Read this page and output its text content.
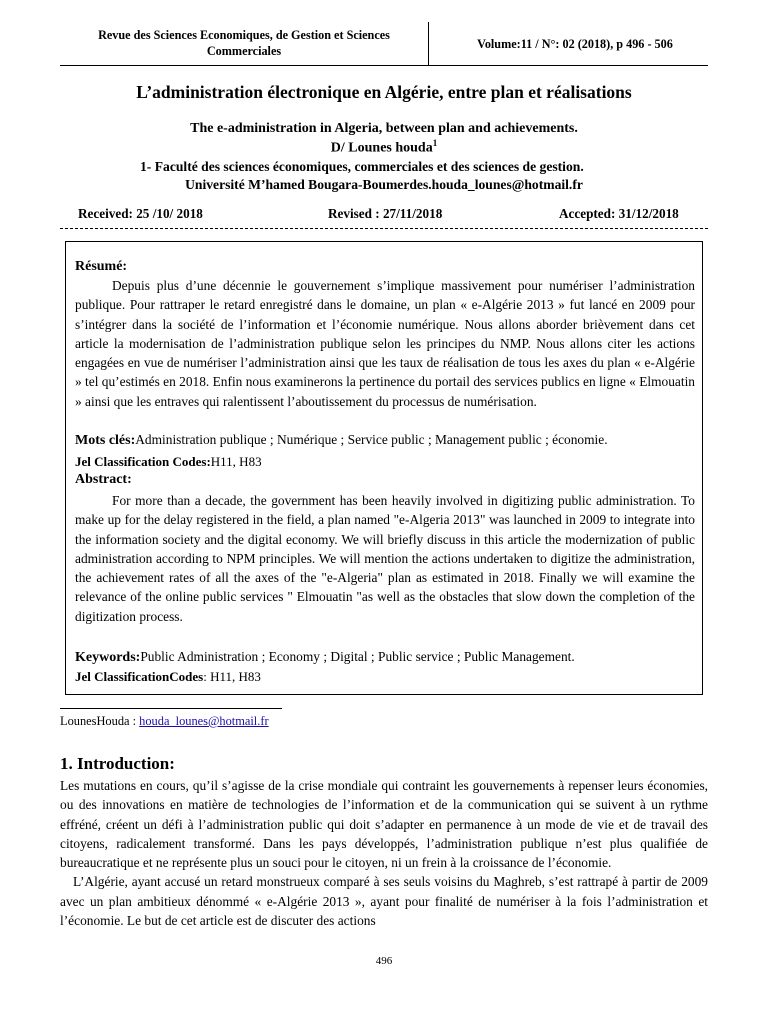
Revue des Sciences Economiques, de Gestion et Sciences Commerciales	Volume:11 / N°: 02 (2018), p 496 - 506
L’administration électronique en Algérie, entre plan et réalisations
The e-administration in Algeria, between plan and achievements.
D/ Lounes houda$^1$
1- Faculté des sciences économiques, commerciales et des sciences de gestion.
Université M’hamed Bougara-Boumerdes.houda_lounes@hotmail.fr
Received: 25 /10/ 2018	Revised : 27/11/2018	Accepted: 31/12/2018
Résumé:

Depuis plus d’une décennie le gouvernement s’implique massivement pour numériser l’administration publique. Pour rattraper le retard enregistré dans le domaine, un plan « e-Algérie 2013 » fut lancé en 2009 pour s’intégrer dans la société de l’information et l’économie numérique. Nous allons aborder brièvement dans cet article la modernisation de l’administration publique selon les principes du NMP. Nous allons citer les actions engagées en vue de numériser l’administration ainsi que les taux de réalisation de tous les axes du plan « e-Algérie » tel qu’estimés en 2018. Enfin nous examinerons la pertinence du portail des services publics en ligne « Elmouatin » ainsi que les entraves qui ralentissent l’aboutissement du processus de numérisation.

Mots clés:Administration publique ; Numérique ; Service public ; Management public ; économie.
Jel Classification Codes:H11, H83
Abstract:

For more than a decade, the government has been heavily involved in digitizing public administration. To make up for the delay registered in the field, a plan named "e-Algeria 2013" was launched in 2009 to integrate into the information society and the digital economy. We will briefly discuss in this article the modernization of public administration according to NPM principles. We will mention the actions undertaken to digitize the administration, the achievement rates of all the axes of the "e-Algeria" plan as estimated in 2018. Finally we will examine the relevance of the online public services " Elmouatin "as well as the obstacles that slow down the completion of the digitization process.

Keywords:Public Administration ; Economy ; Digital ; Public service ; Public Management.
Jel ClassificationCodes: H11, H83
LounesHouda : houda_lounes@hotmail.fr
1. Introduction:

Les mutations en cours, qu’il s’agisse de la crise mondiale qui contraint les gouvernements à repenser leurs économies, ou des innovations en matière de technologies de l’information et de la communication qui se suivent à un rythme effréné, créent un défi à l’administration public qui doit s’adapter en permanence à un mode de vie et de travail des citoyens, radicalement transformé. Dans les pays développés, l’administration publique n’est plus qualifiée de bureaucratique et ne représente plus un souci pour le citoyen, ni un frein à la croissance de l’économie.

L’Algérie, ayant accusé un retard monstrueux comparé à ses seuls voisins du Maghreb, s’est rattrapé à partir de 2009 avec un plan ambitieux dénommé « e-Algérie 2013 », ayant pour finalité de numériser à la fois l’administration et l’économie. Le but de cet article est de discuter des actions

496
